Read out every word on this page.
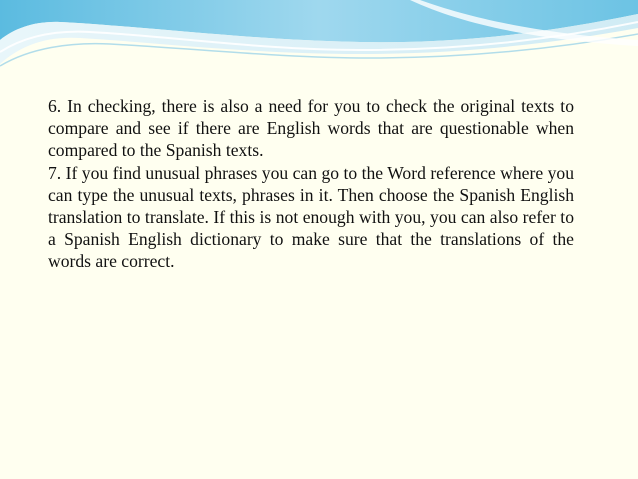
6. In checking, there is also a need for you to check the original texts to compare and see if there are English words that are questionable when compared to the Spanish texts.

7. If you find unusual phrases you can go to the Word reference where you can type the unusual texts, phrases in it. Then choose the Spanish English translation to translate. If this is not enough with you, you can also refer to a Spanish English dictionary to make sure that the translations of the words are correct.
